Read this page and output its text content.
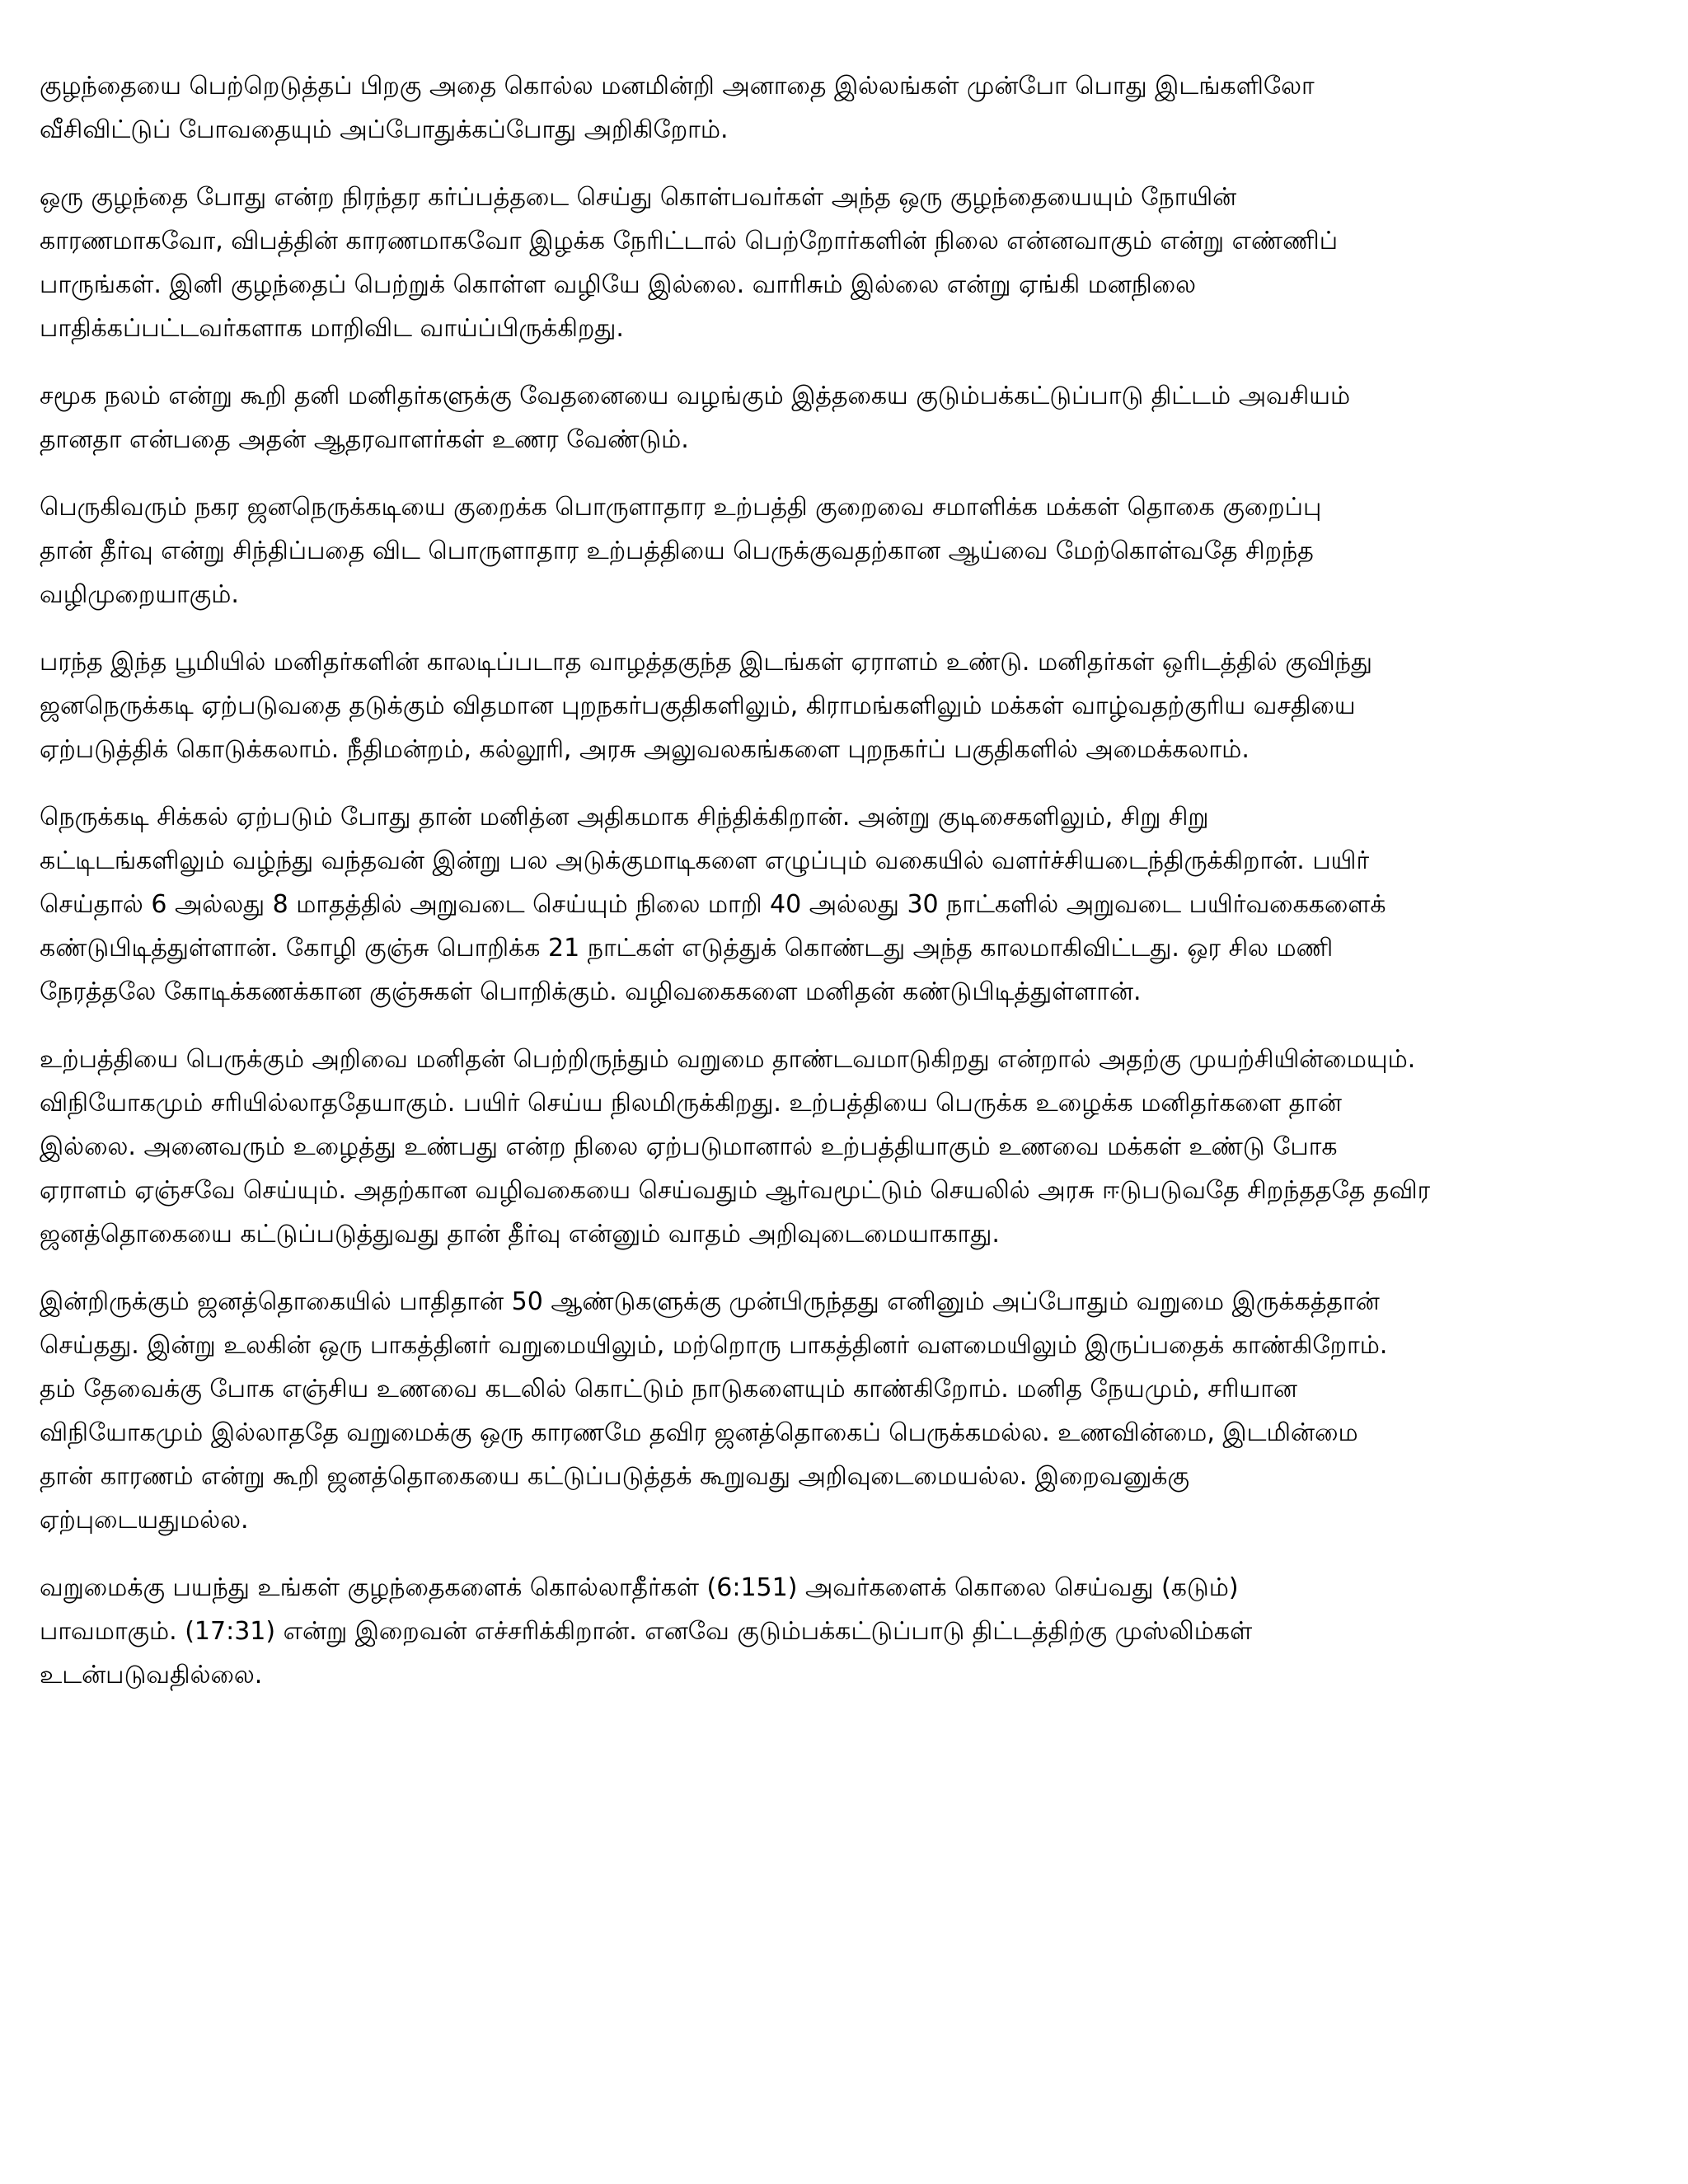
குழந்தையை பெற்றெடுத்தப் பிறகு அதை கொல்ல மனமின்றி அனாதை இல்லங்கள் முன்போ பொது இடங்களிலோ
வீசிவிட்டுப் போவதையும் அப்போதுக்கப்போது அறிகிறோம்.
ஒரு குழந்தை போது என்ற நிரந்தர கர்ப்பத்தடை செய்து கொள்பவர்கள் அந்த ஒரு குழந்தையையும் நோயின்
காரணமாகவோ, விபத்தின் காரணமாகவோ இழக்க நேரிட்டால் பெற்றோர்களின் நிலை என்னவாகும் என்று எண்ணிப்
பாருங்கள். இனி குழந்தைப் பெற்றுக் கொள்ள வழியே இல்லை. வாரிசும் இல்லை என்று ஏங்கி மனநிலை
பாதிக்கப்பட்டவர்களாக மாறிவிட வாய்ப்பிருக்கிறது.
சமூக நலம் என்று கூறி தனி மனிதர்களுக்கு வேதனையை வழங்கும் இத்தகைய குடும்பக்கட்டுப்பாடு திட்டம் அவசியம்
தானதா என்பதை அதன் ஆதரவாளர்கள் உணர வேண்டும்.
பெருகிவரும் நகர ஜனநெருக்கடியை குறைக்க பொருளாதார உற்பத்தி குறைவை சமாளிக்க மக்கள் தொகை குறைப்பு
தான் தீர்வு என்று சிந்திப்பதை விட பொருளாதார உற்பத்தியை பெருக்குவதற்கான ஆய்வை மேற்கொள்வதே சிறந்த
வழிமுறையாகும்.
பரந்த இந்த பூமியில் மனிதர்களின் காலடிப்படாத வாழத்தகுந்த இடங்கள் ஏராளம் உண்டு. மனிதர்கள் ஒரிடத்தில் குவிந்து
ஜனநெருக்கடி ஏற்படுவதை தடுக்கும் விதமான புறநகர்பகுதிகளிலும், கிராமங்களிலும் மக்கள் வாழ்வதற்குரிய வசதியை
ஏற்படுத்திக் கொடுக்கலாம். நீதிமன்றம், கல்லூரி, அரசு அலுவலகங்களை புறநகர்ப் பகுதிகளில் அமைக்கலாம்.
நெருக்கடி சிக்கல் ஏற்படும் போது தான் மனித்ன அதிகமாக சிந்திக்கிறான். அன்று குடிசைகளிலும், சிறு சிறு
கட்டிடங்களிலும் வழ்ந்து வந்தவன் இன்று பல அடுக்குமாடிகளை எழுப்பும் வகையில் வளர்ச்சியடைந்திருக்கிறான். பயிர்
செய்தால் 6 அல்லது 8 மாதத்தில் அறுவடை செய்யும் நிலை மாறி 40 அல்லது 30 நாட்களில் அறுவடை பயிர்வகைகளைக்
கண்டுபிடித்துள்ளான். கோழி குஞ்சு பொறிக்க 21 நாட்கள் எடுத்துக் கொண்டது அந்த காலமாகிவிட்டது. ஒர சில மணி
நேரத்தலே கோடிக்கணக்கான குஞ்சுகள் பொறிக்கும். வழிவகைகளை மனிதன் கண்டுபிடித்துள்ளான்.
உற்பத்தியை பெருக்கும் அறிவை மனிதன் பெற்றிருந்தும் வறுமை தாண்டவமாடுகிறது என்றால் அதற்கு முயற்சியின்மையும்.
விநியோகமும் சரியில்லாததேயாகும். பயிர் செய்ய நிலமிருக்கிறது. உற்பத்தியை பெருக்க உழைக்க மனிதர்களை தான்
இல்லை. அனைவரும் உழைத்து உண்பது என்ற நிலை ஏற்படுமானால் உற்பத்தியாகும் உணவை மக்கள் உண்டு போக
ஏராளம் ஏஞ்சவே செய்யும். அதற்கான வழிவகையை செய்வதும் ஆர்வமூட்டும் செயலில் அரசு ஈடுபடுவதே சிறந்தததே தவிர
ஜனத்தொகையை கட்டுப்படுத்துவது தான் தீர்வு என்னும் வாதம் அறிவுடைமையாகாது.
இன்றிருக்கும் ஜனத்தொகையில் பாதிதான் 50 ஆண்டுகளுக்கு முன்பிருந்தது எனினும் அப்போதும் வறுமை இருக்கத்தான்
செய்தது. இன்று உலகின் ஒரு பாகத்தினர் வறுமையிலும், மற்றொரு பாகத்தினர் வளமையிலும் இருப்பதைக் காண்கிறோம்.
தம் தேவைக்கு போக எஞ்சிய உணவை கடலில் கொட்டும் நாடுகளையும் காண்கிறோம். மனித நேயமும், சரியான
விநியோகமும் இல்லாததே வறுமைக்கு ஒரு காரணமே தவிர ஜனத்தொகைப் பெருக்கமல்ல. உணவின்மை, இடமின்மை
தான் காரணம் என்று கூறி ஜனத்தொகையை கட்டுப்படுத்தக் கூறுவது அறிவுடைமையல்ல. இறைவனுக்கு
ஏற்புடையதுமல்ல.
வறுமைக்கு பயந்து உங்கள் குழந்தைகளைக் கொல்லாதீர்கள் (6:151) அவர்களைக் கொலை செய்வது (கடும்)
பாவமாகும். (17:31) என்று இறைவன் எச்சரிக்கிறான். எனவே குடும்பக்கட்டுப்பாடு திட்டத்திற்கு முஸ்லிம்கள்
உடன்படுவதில்லை.
